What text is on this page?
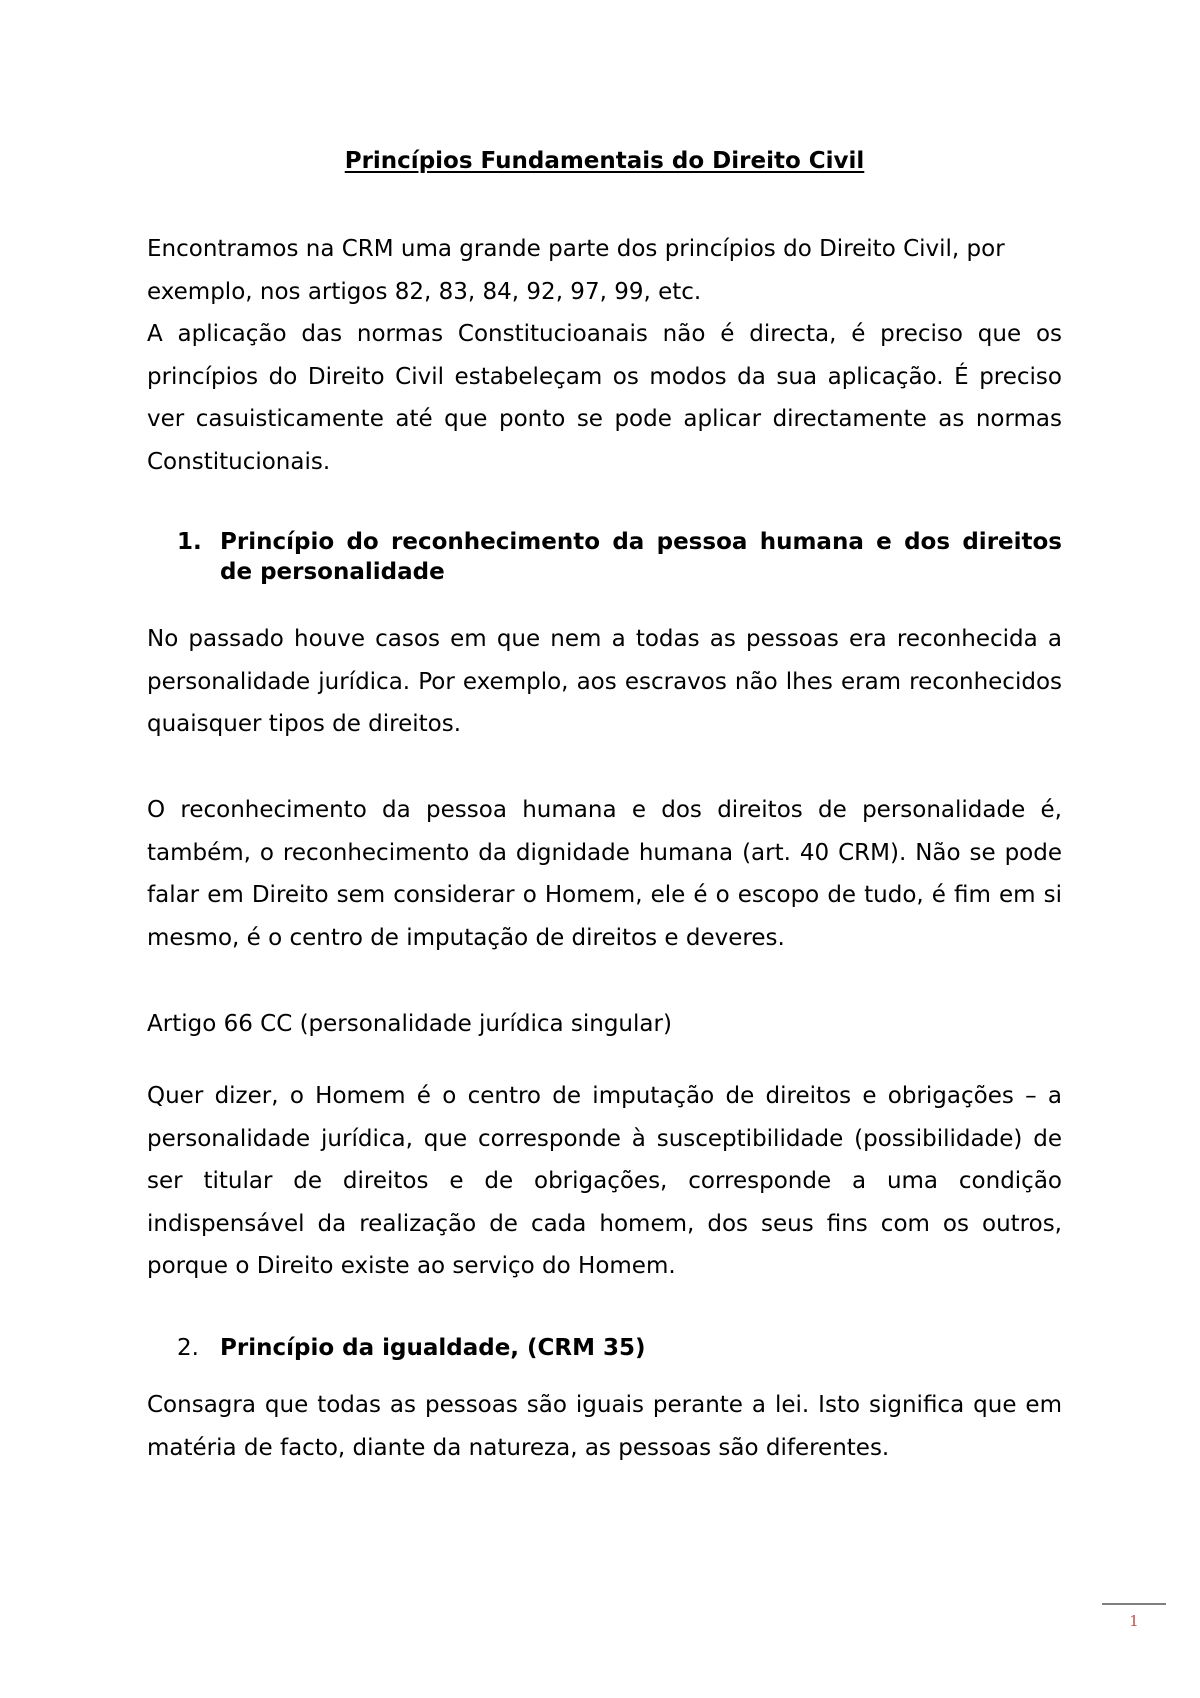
Princípios Fundamentais do Direito Civil

Encontramos na CRM uma grande parte dos princípios do Direito Civil, por exemplo, nos artigos 82, 83, 84, 92, 97, 99, etc.

A aplicação das normas Constitucioanais não é directa, é preciso que os princípios do Direito Civil estabeleçam os modos da sua aplicação. É preciso ver casuisticamente até que ponto se pode aplicar directamente as normas Constitucionais.

1. Princípio do reconhecimento da pessoa humana e dos direitos de personalidade

No passado houve casos em que nem a todas as pessoas era reconhecida a personalidade jurídica. Por exemplo, aos escravos não lhes eram reconhecidos quaisquer tipos de direitos.

O reconhecimento da pessoa humana e dos direitos de personalidade é, também, o reconhecimento da dignidade humana (art. 40 CRM). Não se pode falar em Direito sem considerar o Homem, ele é o escopo de tudo, é fim em si mesmo, é o centro de imputação de direitos e deveres.

Artigo 66 CC (personalidade jurídica singular)

Quer dizer, o Homem é o centro de imputação de direitos e obrigações – a personalidade jurídica, que corresponde à susceptibilidade (possibilidade) de ser titular de direitos e de obrigações, corresponde a uma condição indispensável da realização de cada homem, dos seus fins com os outros, porque o Direito existe ao serviço do Homem.

2. Princípio da igualdade, (CRM 35)

Consagra que todas as pessoas são iguais perante a lei. Isto significa que em matéria de facto, diante da natureza, as pessoas são diferentes.

1
